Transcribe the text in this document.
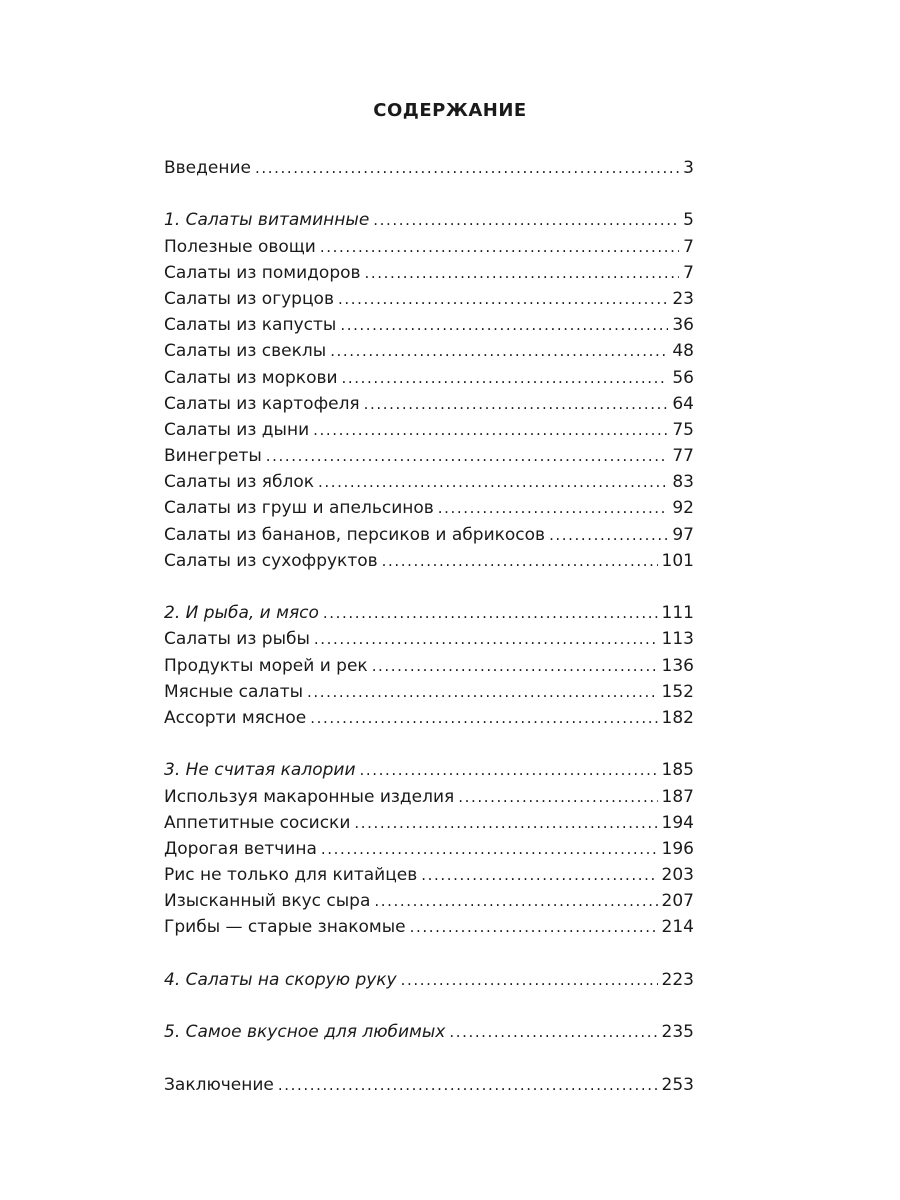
СОДЕРЖАНИЕ
Введение .....	3
1. Салаты витаминные .....	5
Полезные овощи .....	7
Салаты из помидоров .....	7
Салаты из огурцов .....	23
Салаты из капусты .....	36
Салаты из свеклы .....	48
Салаты из моркови .....	56
Салаты из картофеля .....	64
Салаты из дыни .....	75
Винегреты .....	77
Салаты из яблок .....	83
Салаты из груш и апельсинов .....	92
Салаты из бананов, персиков и абрикосов .....	97
Салаты из сухофруктов .....	101
2. И рыба, и мясо .....	111
Салаты из рыбы .....	113
Продукты морей и рек .....	136
Мясные салаты .....	152
Ассорти мясное .....	182
3. Не считая калории .....	185
Используя макаронные изделия .....	187
Аппетитные сосиски .....	194
Дорогая ветчина .....	196
Рис не только для китайцев .....	203
Изысканный вкус сыра .....	207
Грибы — старые знакомые .....	214
4. Салаты на скорую руку .....	223
5. Самое вкусное для любимых .....	235
Заключение .....	253
